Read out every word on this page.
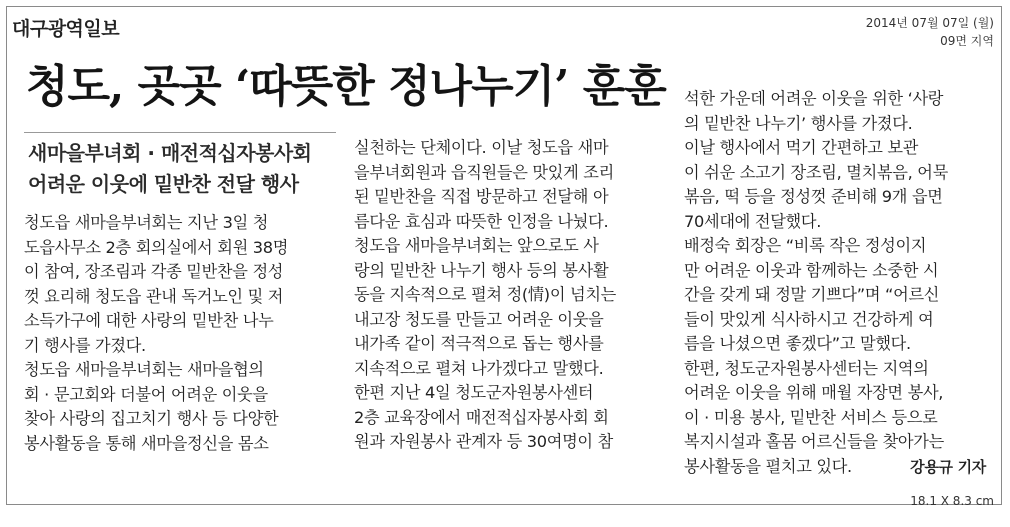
대구광역일보	2014년 07월 07일 (월)
09면 지역
청도, 곳곳 ‘따뜻한 정나누기’ 훈훈
새마을부녀회 · 매전적십자봉사회
어려운 이웃에 밑반찬 전달 행사
청도읍 새마을부녀회는 지난 3일 청
도읍사무소 2층 회의실에서 회원 38명
이 참여, 장조림과 각종 밑반찬을 정성
껏 요리해 청도읍 관내 독거노인 및 저
소득가구에 대한 사랑의 밑반찬 나누
기 행사를 가졌다.
청도읍 새마을부녀회는 새마을협의
회 · 문고회와 더불어 어려운 이웃을
찾아 사랑의 집고치기 행사 등 다양한
봉사활동을 통해 새마을정신을 몸소
실천하는 단체이다. 이날 청도읍 새마
을부녀회원과 읍직원들은 맛있게 조리
된 밑반찬을 직접 방문하고 전달해 아
름다운 효심과 따뜻한 인정을 나눴다.
청도읍 새마을부녀회는 앞으로도 사
랑의 밑반찬 나누기 행사 등의 봉사활
동을 지속적으로 펼쳐 정(情)이 넘치는
내고장 청도를 만들고 어려운 이웃을
내가족 같이 적극적으로 돕는 행사를
지속적으로 펼쳐 나가겠다고 말했다.
한편 지난 4일 청도군자원봉사센터
2층 교육장에서 매전적십자봉사회 회
원과 자원봉사 관계자 등 30여명이 참
석한 가운데 어려운 이웃을 위한 ‘사랑
의 밑반찬 나누기’ 행사를 가졌다.
이날 행사에서 먹기 간편하고 보관
이 쉬운 소고기 장조림, 멸치볶음, 어묵
볶음, 떡 등을 정성껏 준비해 9개 읍면
70세대에 전달했다.
배정숙 회장은 “비록 작은 정성이지
만 어려운 이웃과 함께하는 소중한 시
간을 갖게 돼 정말 기쁘다”며 “어르신
들이 맛있게 식사하시고 건강하게 여
름을 나셨으면 좋겠다”고 말했다.
한편, 청도군자원봉사센터는 지역의
어려운 이웃을 위해 매월 자장면 봉사,
이 · 미용 봉사, 밑반찬 서비스 등으로
복지시설과 홀몸 어르신들을 찾아가는
봉사활동을 펼치고 있다.	강용규 기자
18.1 X 8.3 cm
